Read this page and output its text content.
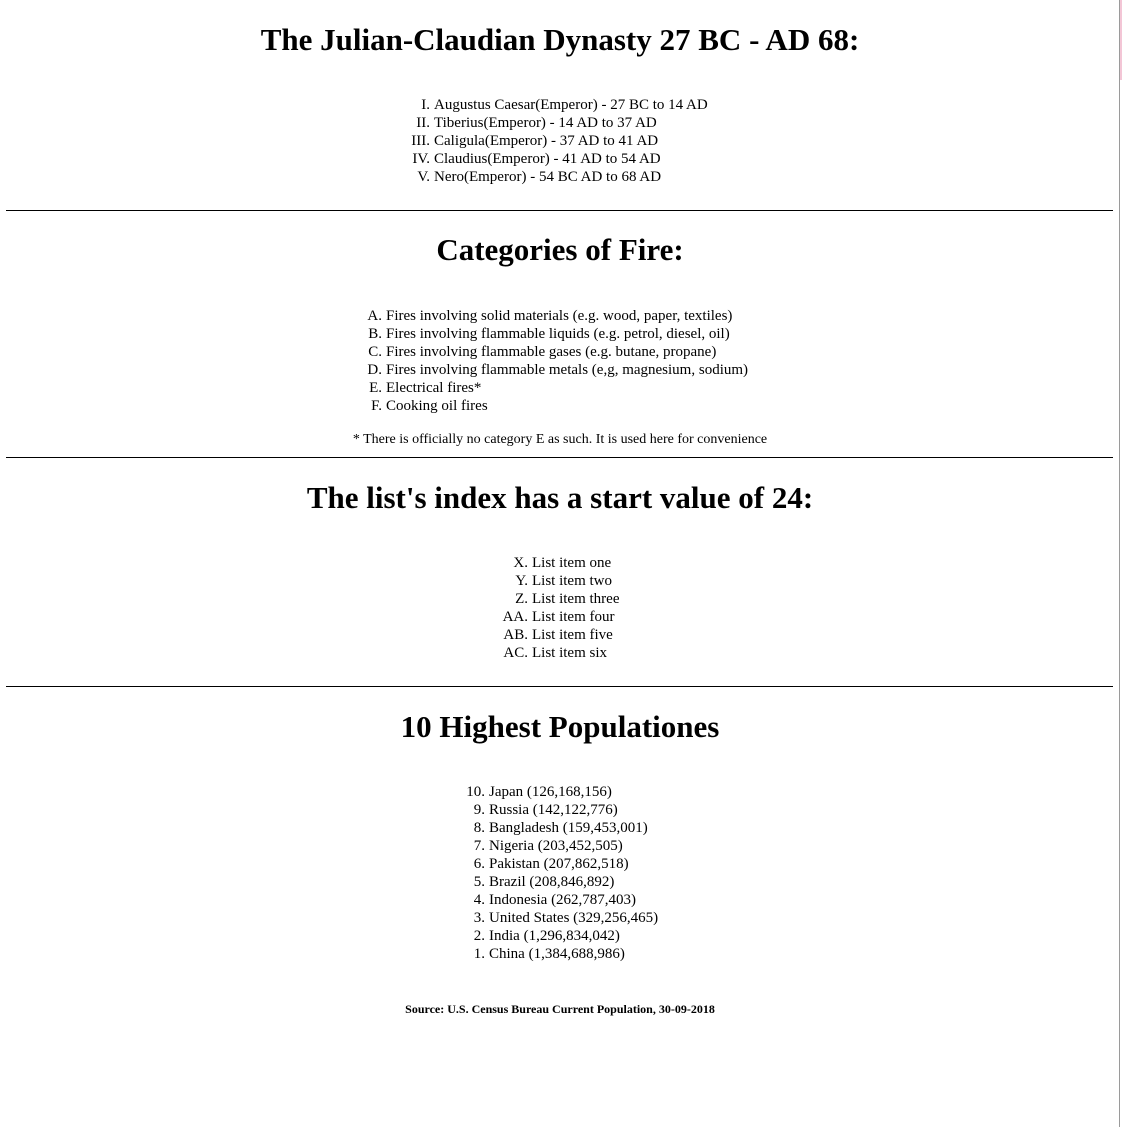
The Julian-Claudian Dynasty 27 BC - AD 68:
I. Augustus Caesar(Emperor) - 27 BC to 14 AD
II. Tiberius(Emperor) - 14 AD to 37 AD
III. Caligula(Emperor) - 37 AD to 41 AD
IV. Claudius(Emperor) - 41 AD to 54 AD
V. Nero(Emperor) - 54 BC AD to 68 AD
Categories of Fire:
A. Fires involving solid materials (e.g. wood, paper, textiles)
B. Fires involving flammable liquids (e.g. petrol, diesel, oil)
C. Fires involving flammable gases (e.g. butane, propane)
D. Fires involving flammable metals (e,g, magnesium, sodium)
E. Electrical fires*
F. Cooking oil fires
* There is officially no category E as such. It is used here for convenience
The list's index has a start value of 24:
X. List item one
Y. List item two
Z. List item three
AA. List item four
AB. List item five
AC. List item six
10 Highest Populationes
10. Japan (126,168,156)
9. Russia (142,122,776)
8. Bangladesh (159,453,001)
7. Nigeria (203,452,505)
6. Pakistan (207,862,518)
5. Brazil (208,846,892)
4. Indonesia (262,787,403)
3. United States (329,256,465)
2. India (1,296,834,042)
1. China (1,384,688,986)
Source: U.S. Census Bureau Current Population, 30-09-2018
